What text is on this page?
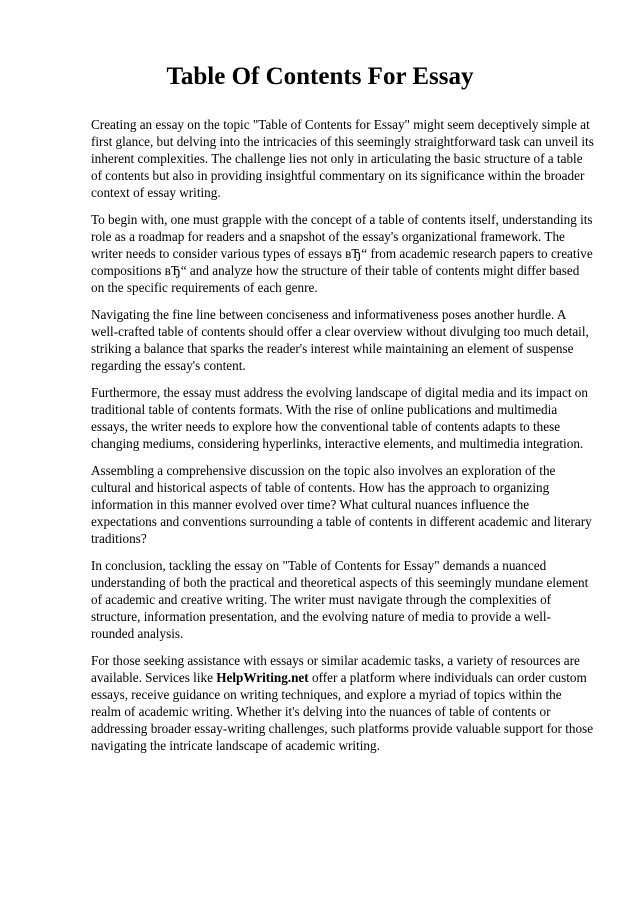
Table Of Contents For Essay

Creating an essay on the topic "Table of Contents for Essay" might seem deceptively simple at first glance, but delving into the intricacies of this seemingly straightforward task can unveil its inherent complexities. The challenge lies not only in articulating the basic structure of a table of contents but also in providing insightful commentary on its significance within the broader context of essay writing.

To begin with, one must grapple with the concept of a table of contents itself, understanding its role as a roadmap for readers and a snapshot of the essay's organizational framework. The writer needs to consider various types of essays вЂ“ from academic research papers to creative compositions вЂ“ and analyze how the structure of their table of contents might differ based on the specific requirements of each genre.

Navigating the fine line between conciseness and informativeness poses another hurdle. A well-crafted table of contents should offer a clear overview without divulging too much detail, striking a balance that sparks the reader's interest while maintaining an element of suspense regarding the essay's content.

Furthermore, the essay must address the evolving landscape of digital media and its impact on traditional table of contents formats. With the rise of online publications and multimedia essays, the writer needs to explore how the conventional table of contents adapts to these changing mediums, considering hyperlinks, interactive elements, and multimedia integration.

Assembling a comprehensive discussion on the topic also involves an exploration of the cultural and historical aspects of table of contents. How has the approach to organizing information in this manner evolved over time? What cultural nuances influence the expectations and conventions surrounding a table of contents in different academic and literary traditions?

In conclusion, tackling the essay on "Table of Contents for Essay" demands a nuanced understanding of both the practical and theoretical aspects of this seemingly mundane element of academic and creative writing. The writer must navigate through the complexities of structure, information presentation, and the evolving nature of media to provide a well-rounded analysis.

For those seeking assistance with essays or similar academic tasks, a variety of resources are available. Services like HelpWriting.net offer a platform where individuals can order custom essays, receive guidance on writing techniques, and explore a myriad of topics within the realm of academic writing. Whether it's delving into the nuances of table of contents or addressing broader essay-writing challenges, such platforms provide valuable support for those navigating the intricate landscape of academic writing.
